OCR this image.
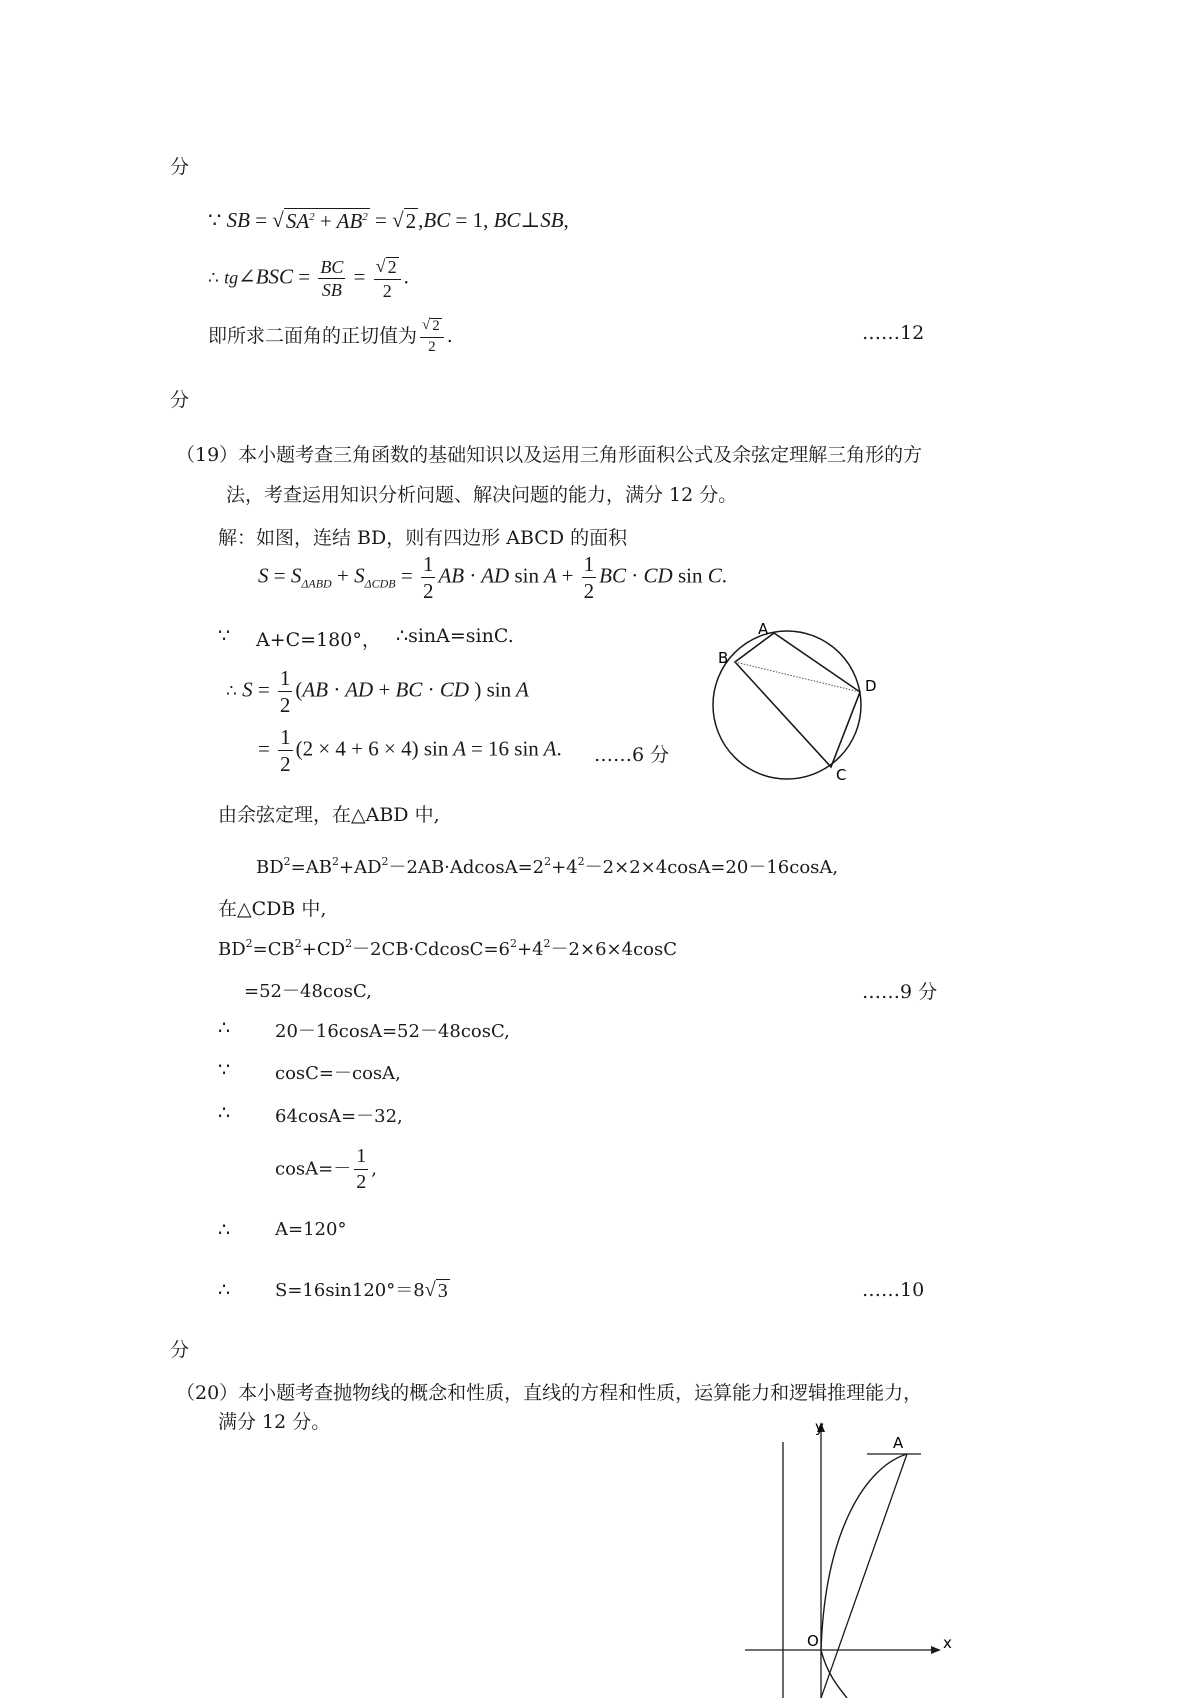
分
∵ SB = √ $SA^2 + AB^2$ = √ 2 ,BC = 1, BC⊥SB,
∴ tg∠BSC = $\frac{BC}{SB} = \frac{√ 2}{2}$ .
即所求二面角的正切值为 $\frac{√ 2}{2}$ .	……12
分
（19）本小题考查三角函数的基础知识以及运用三角形面积公式及余弦定理解三角形的方
法，考查运用知识分析问题、解决问题的能力，满分 12 分。
解：如图，连结 BD，则有四边形 ABCD 的面积
$S = S_{\Delta ABD} + S_{\Delta CDB} = \frac{1}{2}$ AB · AD $\sin A + \frac{1}{2}$ BC · CD sin C.
∵ A+C=180°， ∴sinA=sinC.
∴ $S = \frac{1}{2} (AB$ · AD + BC · CD ) sin A
= $\frac{1}{2} (2 \times 4 + 6 \times 4)$ sin A = 16 sin A. ……6 分
A
B
D
C
由余弦定理，在△ABD 中,
$BD^2=AB^2+AD^2-2AB\cdot AdcosA=2^2+4^2-2\times 2\times 4\cos A=20-16\cos A$,
在△CDB 中,
$BD^2=CB^2+CD^2-2CB\cdot CdcosC=6^2+4^2-2\times 6\times 4\cos C$
=52－48cosC,	……9 分
∴ 20－16cosA=52－48cosC,
∵ cosC=－cosA,
∴ 64cosA=－32,
$\cos A=- \frac{1}{2}$ ,
∴ A=120°
∴ S=16sin120°＝8 √ 3	……10
分
（20）本小题考查抛物线的概念和性质，直线的方程和性质，运算能力和逻辑推理能力，
满分 12 分。	y
A
O	x
